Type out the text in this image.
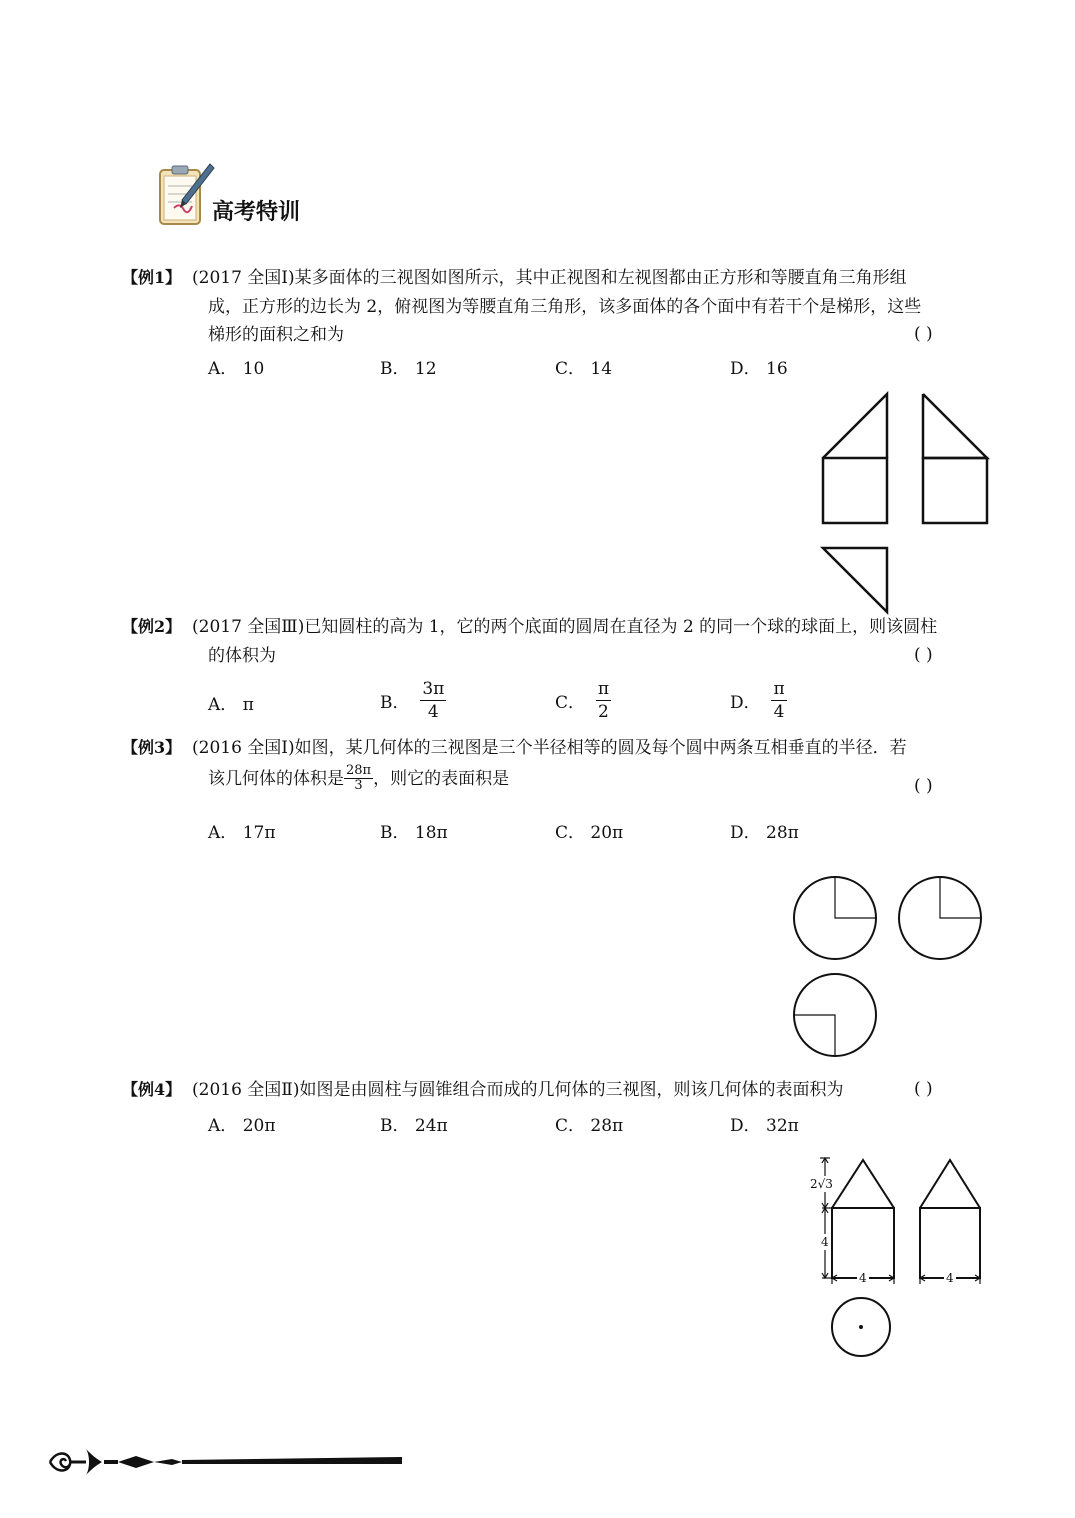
高考特训
【例1】 (2017 全国Ⅰ)某多面体的三视图如图所示，其中正视图和左视图都由正方形和等腰直角三角形组
成，正方形的边长为 2，俯视图为等腰直角三角形，该多面体的各个面中有若干个是梯形，这些
梯形的面积之和为	( )
A． 10	B． 12	C． 14	D． 16
【例2】 (2017 全国Ⅲ)已知圆柱的高为 1，它的两个底面的圆周在直径为 2 的同一个球的球面上，则该圆柱
的体积为	( )
A． π	B．
$\frac{3\pi}{4}$	C．
$\frac{\pi}{2}$	D．
$\frac{\pi}{4}$
【例3】 (2016 全国Ⅰ)如图，某几何体的三视图是三个半径相等的圆及每个圆中两条互相垂直的半径．若
该几何体的体积是 $\frac{28\pi}{3}$ ，则它的表面积是	( )
A． 17π	B． 18π	C． 20π	D． 28π
【例4】 (2016 全国Ⅱ)如图是由圆柱与圆锥组合而成的几何体的三视图，则该几何体的表面积为	( )
A． 20π	B． 24π	C． 28π	D． 32π
2√3
4
4	4
